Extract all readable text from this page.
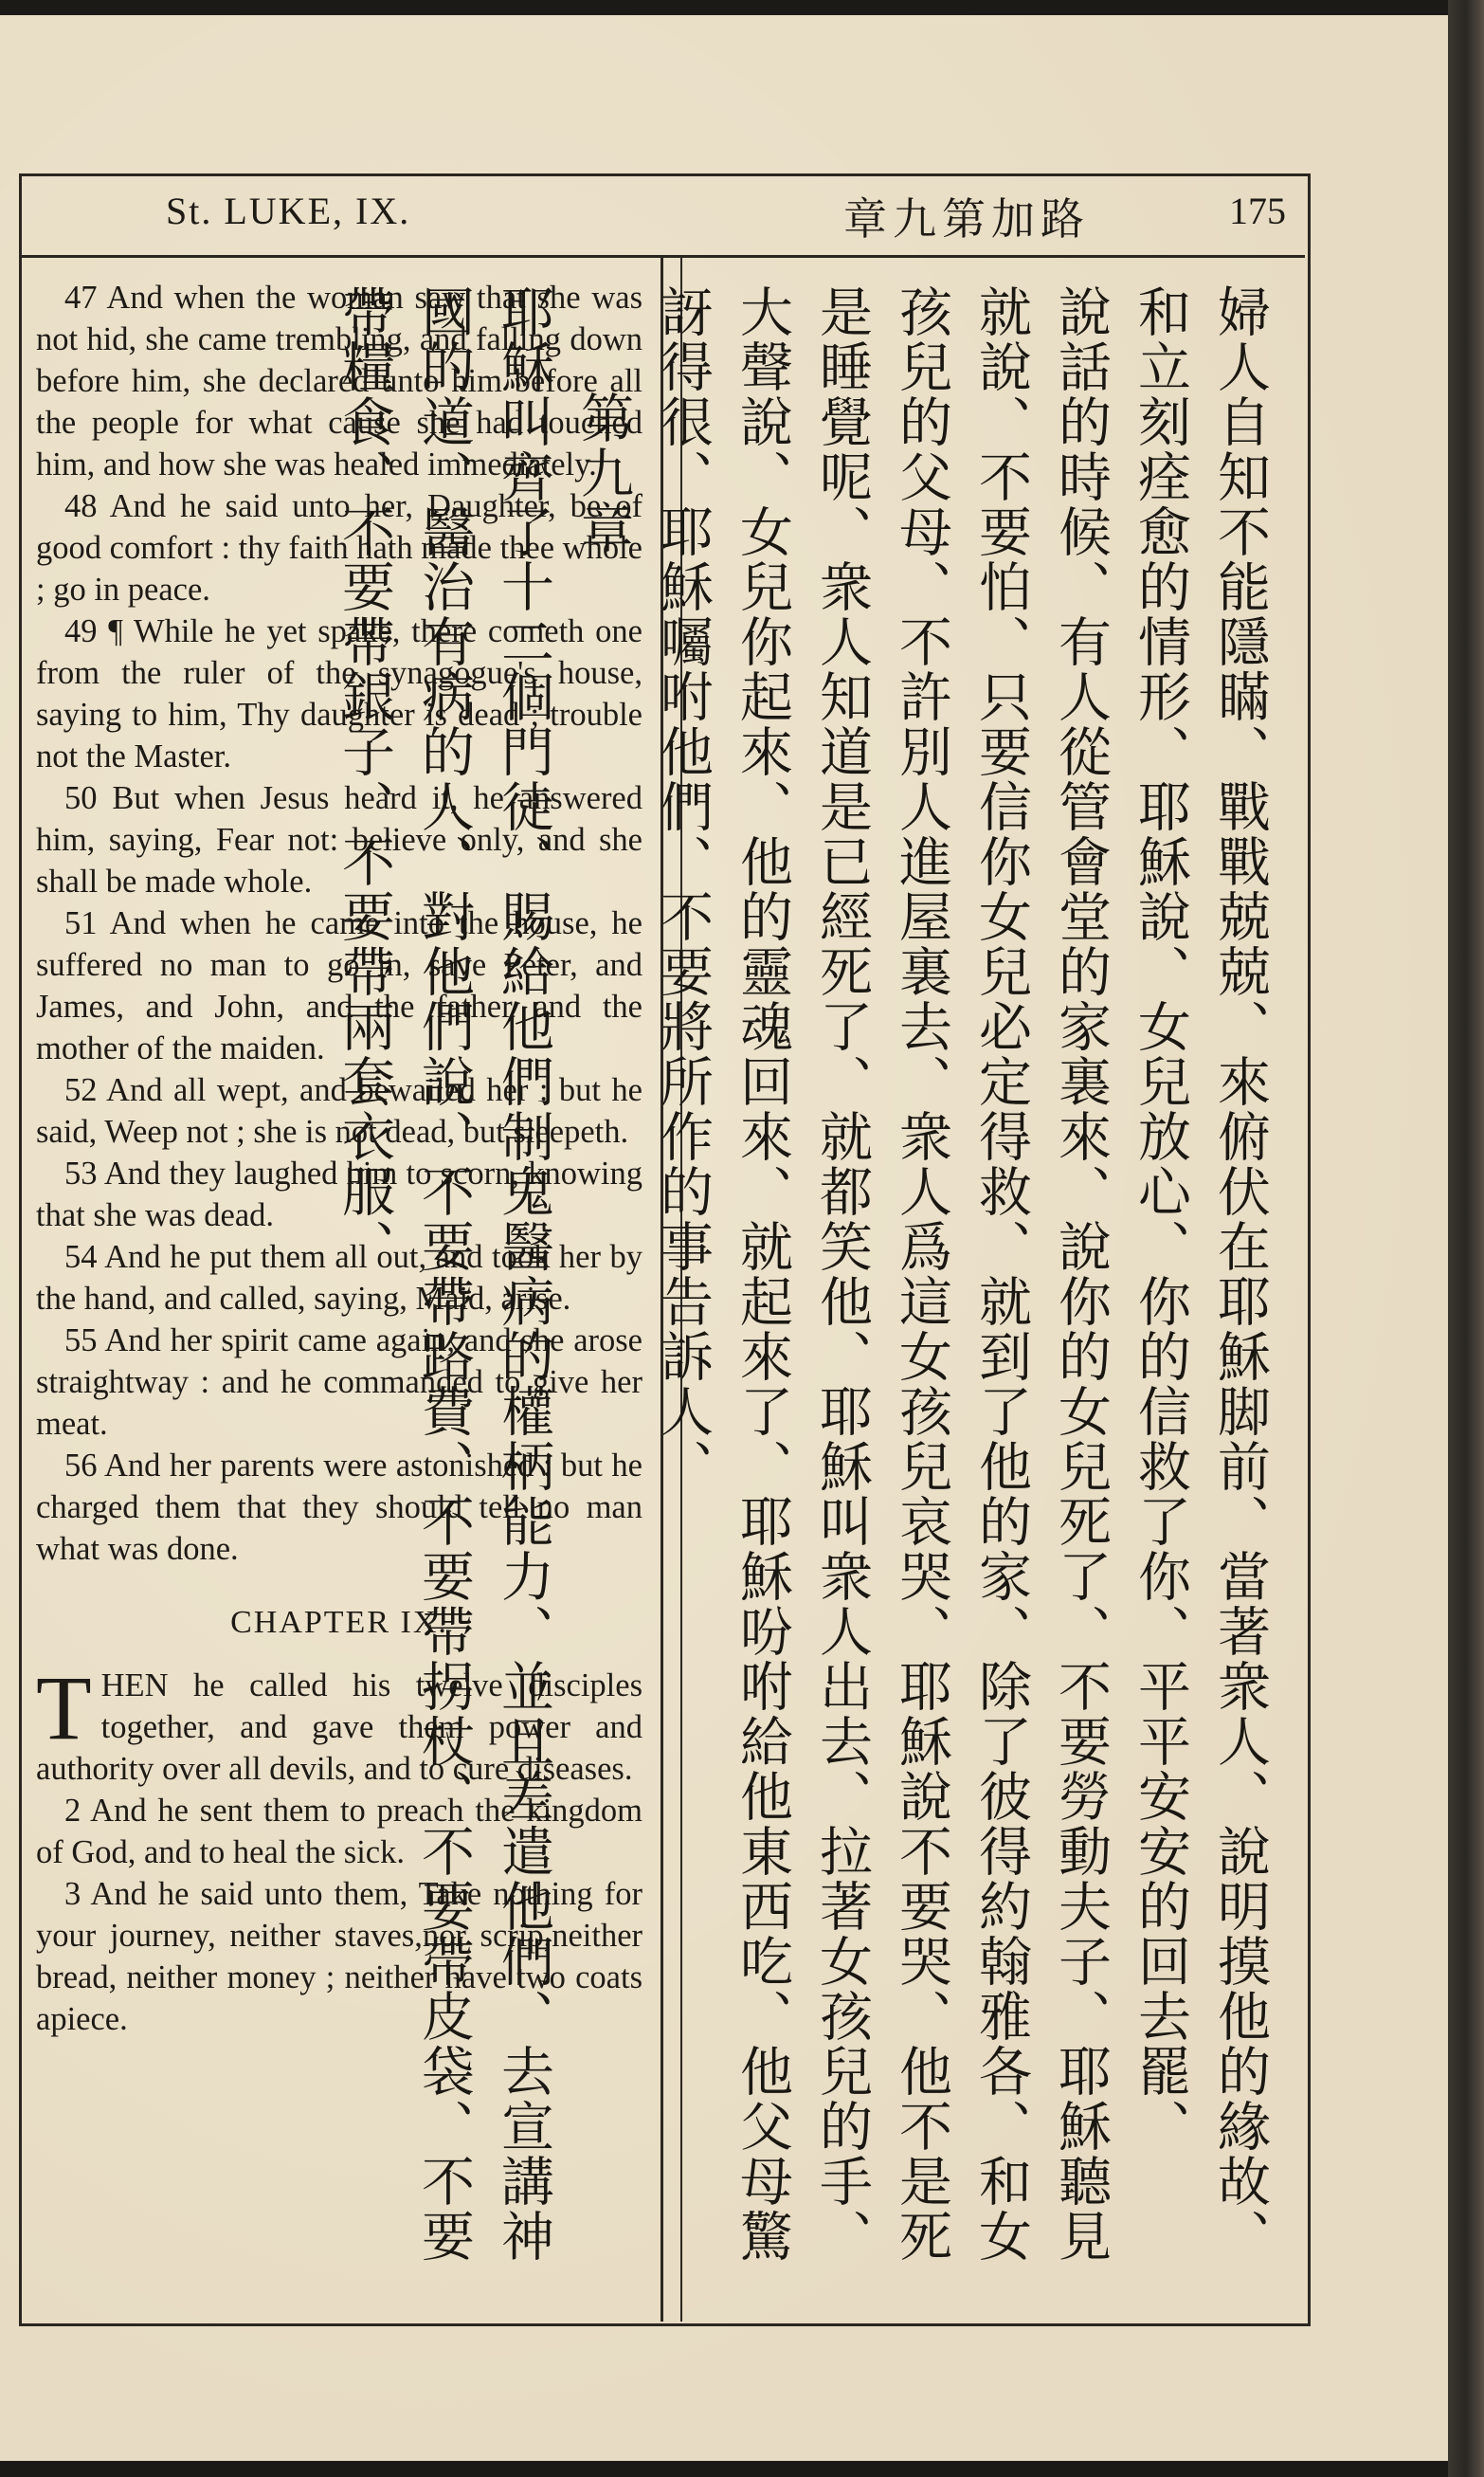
St. LUKE, IX.	章九第加路	175

47 And when the woman saw that she was not hid, she came trembling, and falling down before him, she declared unto him before all the people for what cause she had touched him, and how she was healed immediately.

48 And he said unto her, Daughter, be of good comfort : thy faith hath made thee whole ; go in peace.

49 ¶ While he yet spake, there cometh one from the ruler of the synagogue's house, saying to him, Thy daughter is dead ; trouble not the Master.

50 But when Jesus heard it, he answered him, saying, Fear not: believe only, and she shall be made whole.

51 And when he came into the house, he suffered no man to go in, save Peter, and James, and John, and the father and the mother of the maiden.

52 And all wept, and bewailed her : but he said, Weep not ; she is not dead, but sleepeth.

53 And they laughed him to scorn, knowing that she was dead.

54 And he put them all out, and took her by the hand, and called, saying, Maid, arise.

55 And her spirit came again, and she arose straightway : and he commanded to give her meat.

56 And her parents were astonished : but he charged them that they should tell no man what was done.

CHAPTER IX.

THEN he called his twelve disciples together, and gave them power and authority over all devils, and to cure diseases.

2 And he sent them to preach the kingdom of God, and to heal the sick.

3 And he said unto them, Take nothing for your journey, neither staves,nor scrip,neither bread, neither money ; neither have two coats apiece.	婦人自知不能隱瞞、戰戰兢兢、來俯伏在耶穌脚前、當著衆人、說明摸他的緣故、和立刻痊愈的情形、耶穌說、女兒放心、你的信救了你、平平安安的回去罷、

說話的時候、有人從管會堂的家裏來、說你的女兒死了、不要勞動夫子、耶穌聽見就說、不要怕、只要信你女兒必定得救、就到了他的家、除了彼得約翰雅各、和女孩兒的父母、不許別人進屋裏去、衆人爲這女孩兒哀哭、耶穌說不要哭、他不是死是睡覺呢、衆人知道是已經死了、就都笑他、耶穌叫衆人出去、拉著女孩兒的手、大聲說、女兒你起來、他的靈魂回來、就起來了、耶穌吩咐給他東西吃、他父母驚訝得很、耶穌囑咐他們、不要將所作的事告訴人、

第九章

耶穌叫齊了十二個門徒、賜給他們制鬼醫病的權柄能力、並且差遣他們、去宣講神國的道、醫治有病的人、對他們說、不要帶路費、不要帶拐杖、不要帶皮袋、不要帶糧食、不要帶銀子、不要帶兩套衣服、
